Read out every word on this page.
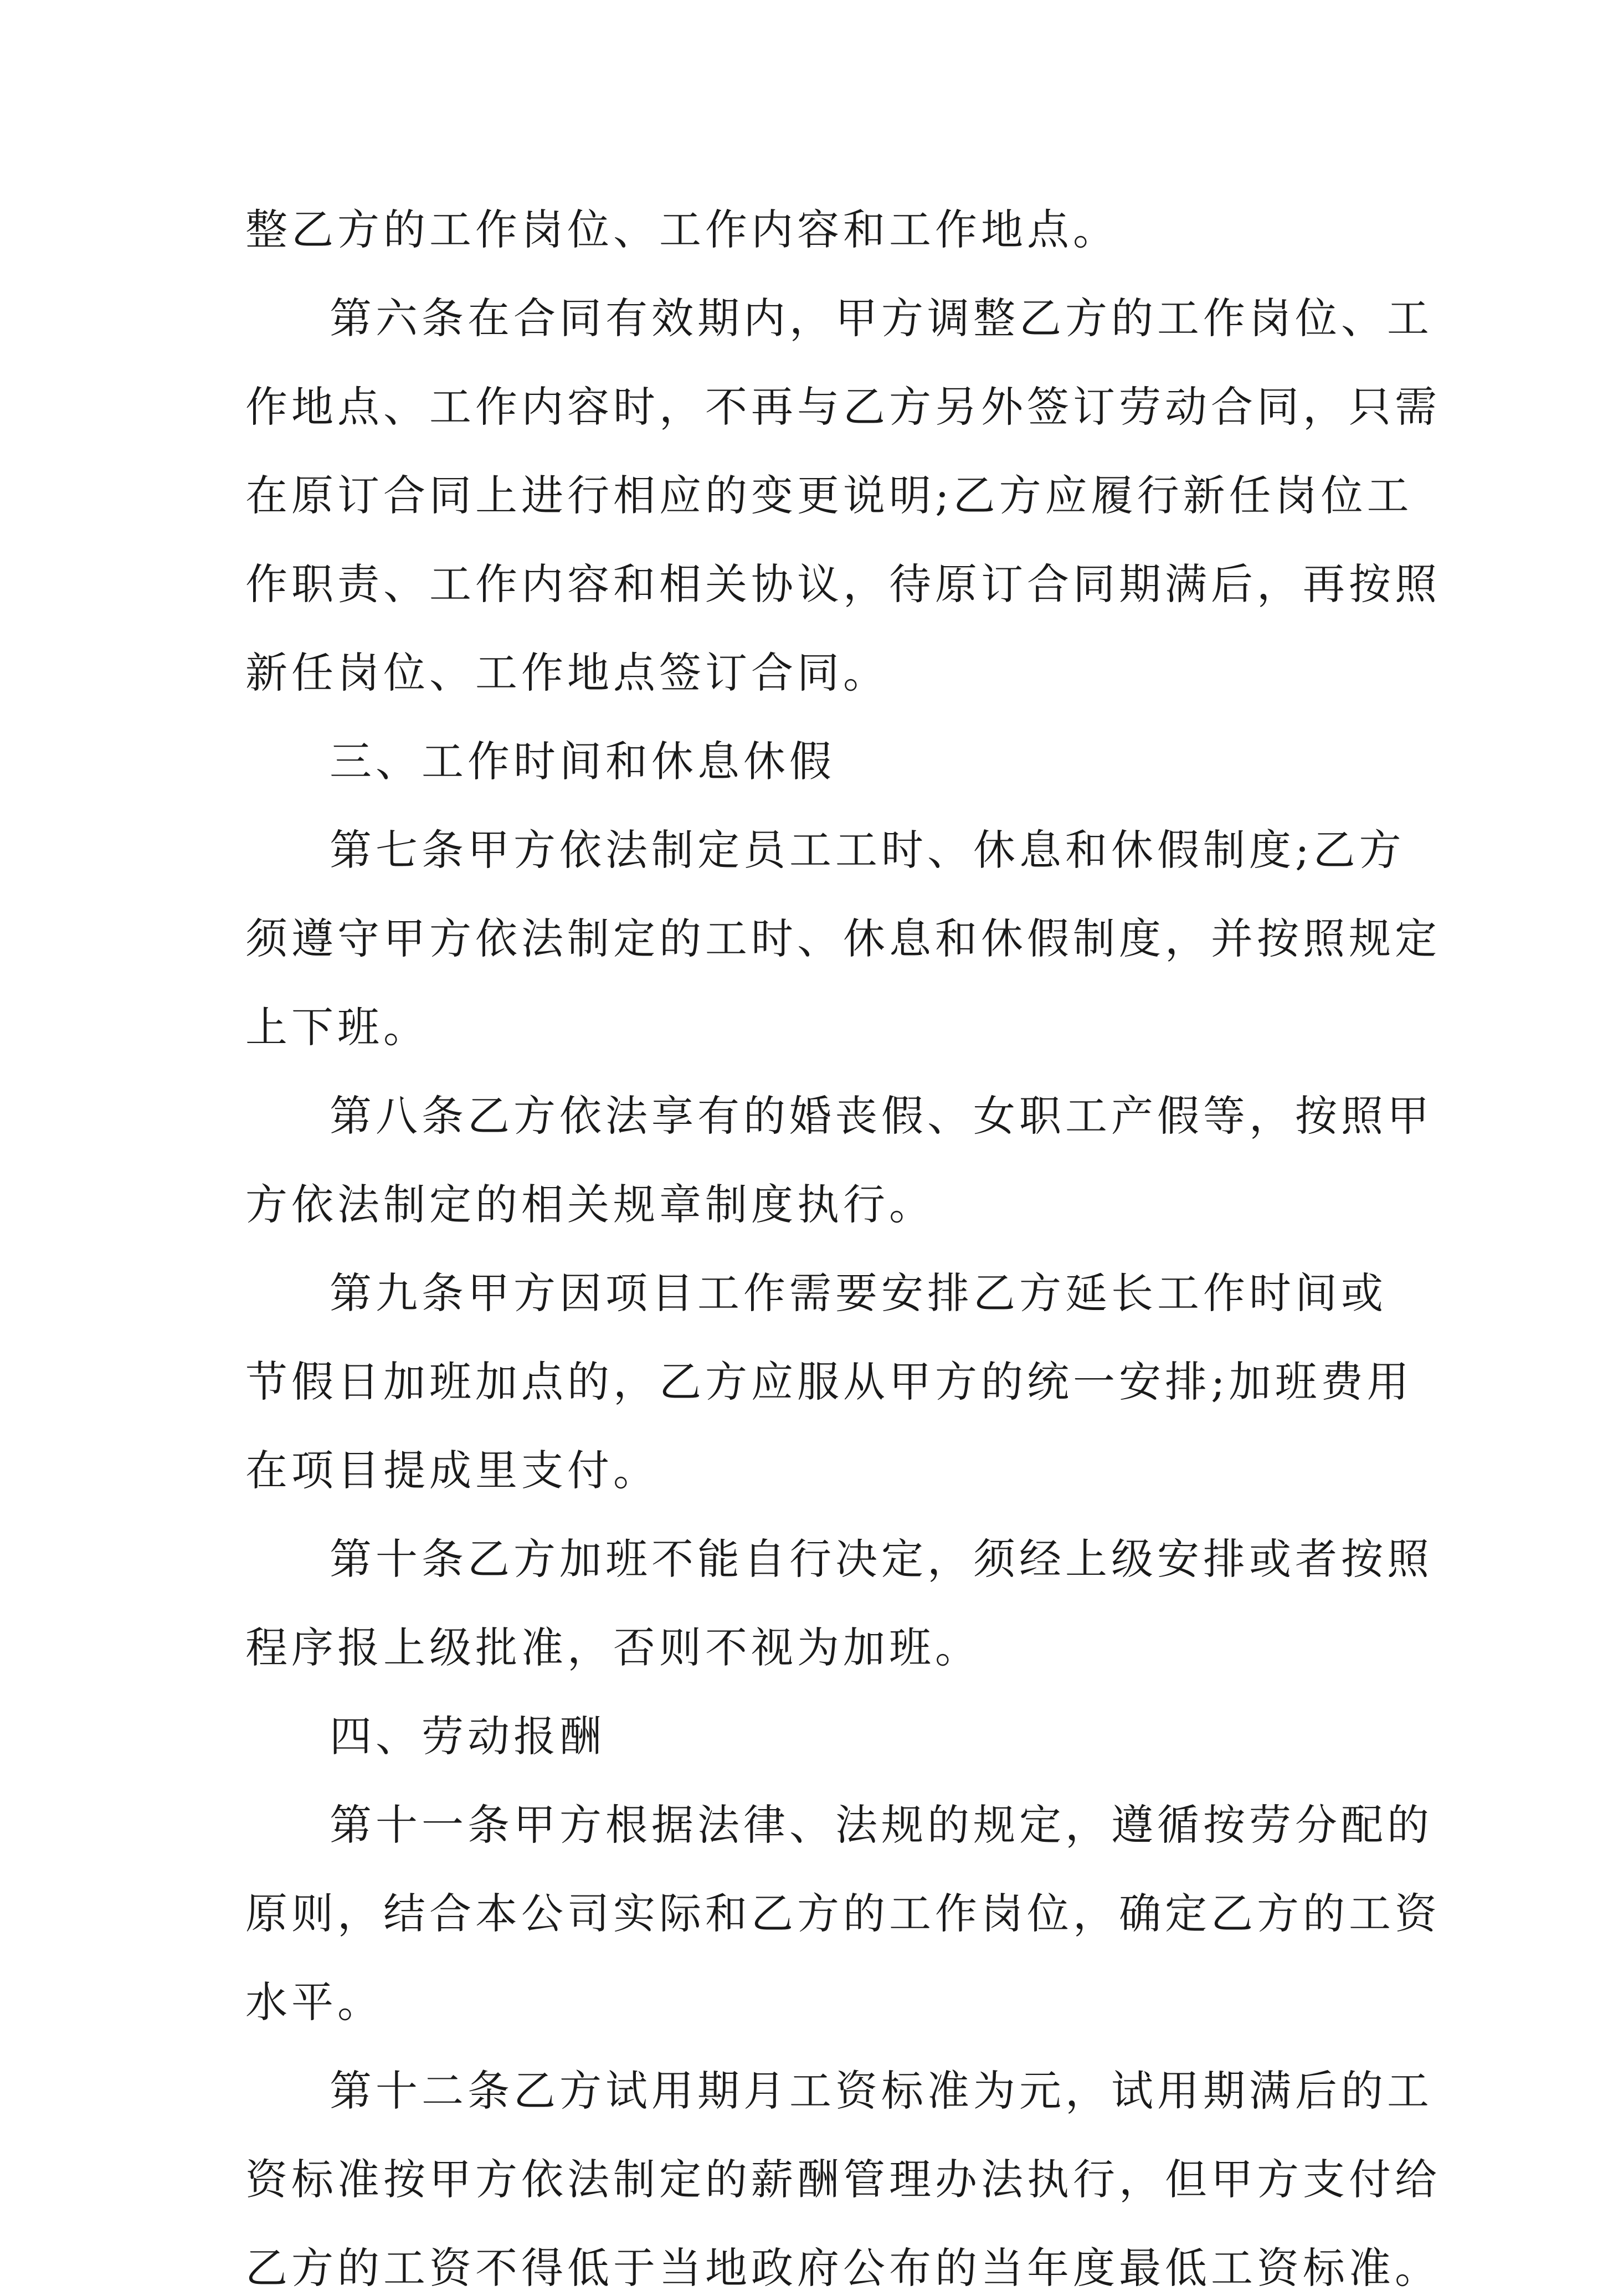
整乙方的工作岗位、工作内容和工作地点。
第六条在合同有效期内，甲方调整乙方的工作岗位、工
作地点、工作内容时，不再与乙方另外签订劳动合同，只需
在原订合同上进行相应的变更说明;乙方应履行新任岗位工
作职责、工作内容和相关协议，待原订合同期满后，再按照
新任岗位、工作地点签订合同。
三、工作时间和休息休假
第七条甲方依法制定员工工时、休息和休假制度;乙方
须遵守甲方依法制定的工时、休息和休假制度，并按照规定
上下班。
第八条乙方依法享有的婚丧假、女职工产假等，按照甲
方依法制定的相关规章制度执行。
第九条甲方因项目工作需要安排乙方延长工作时间或
节假日加班加点的，乙方应服从甲方的统一安排;加班费用
在项目提成里支付。
第十条乙方加班不能自行决定，须经上级安排或者按照
程序报上级批准，否则不视为加班。
四、劳动报酬
第十一条甲方根据法律、法规的规定，遵循按劳分配的
原则，结合本公司实际和乙方的工作岗位，确定乙方的工资
水平。
第十二条乙方试用期月工资标准为元，试用期满后的工
资标准按甲方依法制定的薪酬管理办法执行，但甲方支付给
乙方的工资不得低于当地政府公布的当年度最低工资标准。
